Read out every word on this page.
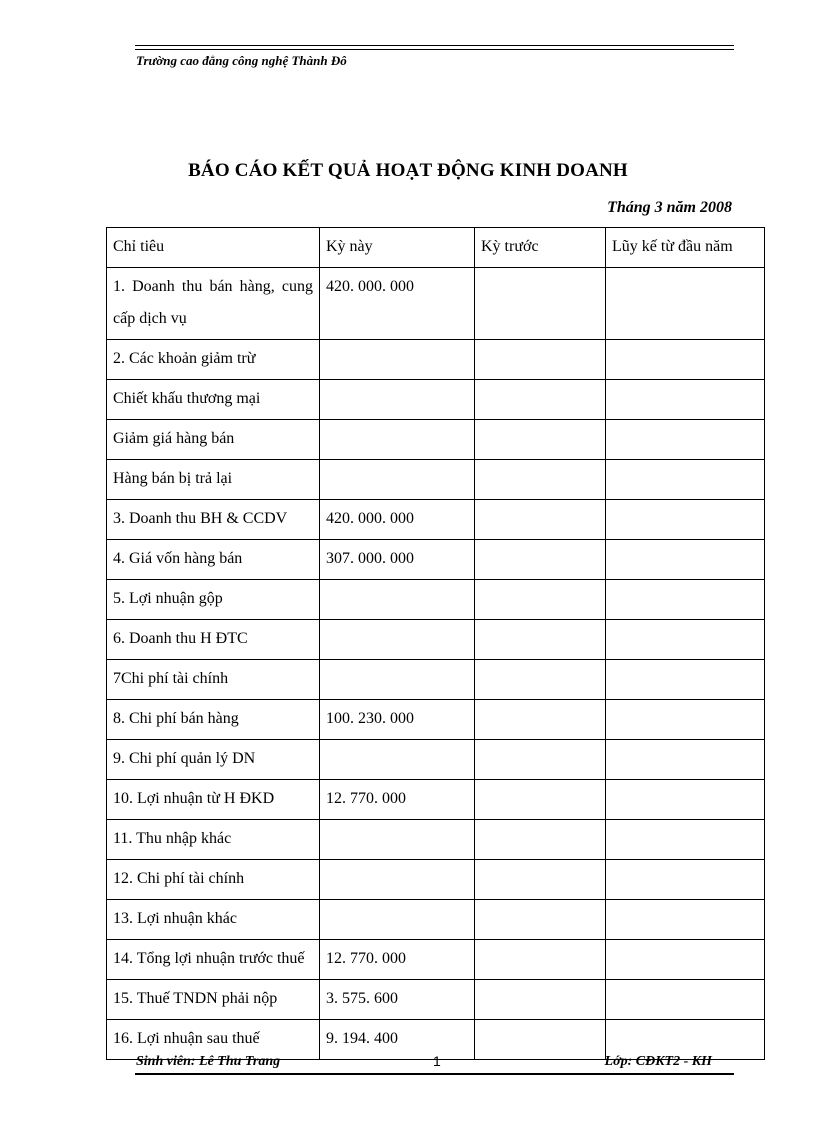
Trường cao đẳng công nghệ Thành Đô
BÁO CÁO KẾT QUẢ HOẠT ĐỘNG KINH DOANH
Tháng 3 năm 2008
Chỉ tiêu	Kỳ này	Kỳ trước	Lũy kế từ đầu năm
1. Doanh thu bán hàng, cung cấp dịch vụ	420. 000. 000		
2. Các khoản giảm trừ			
Chiết khấu thương mại			
Giảm giá hàng bán			
Hàng bán bị trả lại			
3. Doanh thu BH & CCDV	420. 000. 000		
4. Giá vốn hàng bán	307. 000. 000		
5. Lợi nhuận gộp			
6. Doanh thu H ĐTC			
7Chi phí tài chính			
8. Chi phí bán hàng	100. 230. 000		
9. Chi phí quản lý DN			
10. Lợi nhuận từ H ĐKD	12. 770. 000		
11. Thu nhập khác			
12. Chi phí tài chính			
13. Lợi nhuận khác			
14. Tổng lợi nhuận trước thuế	12. 770. 000		
15. Thuế TNDN phải nộp	3. 575. 600		
16. Lợi nhuận sau thuế	9. 194. 400		
Sinh viên: Lê Thu Trang	1	Lớp: CĐKT2 - KII
